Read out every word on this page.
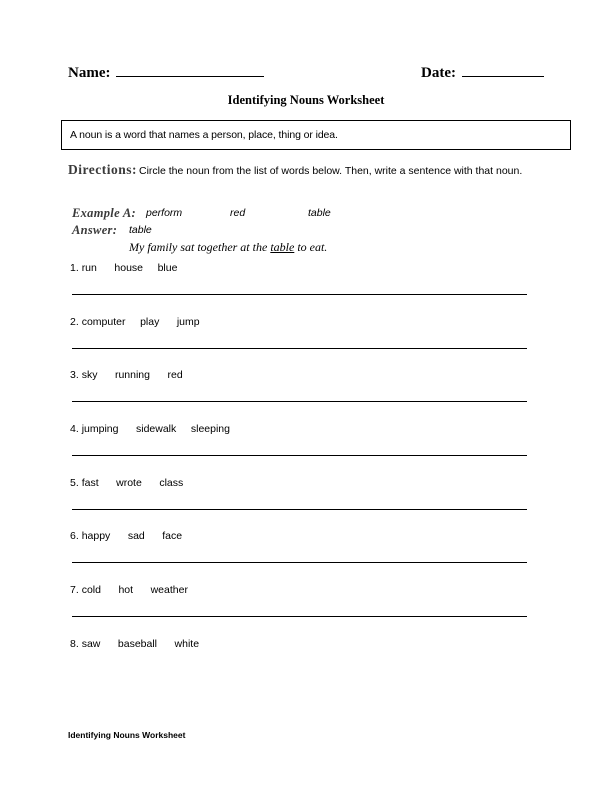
Name:	Date:
Identifying Nouns Worksheet
A noun is a word that names a person, place, thing or idea.
Directions: Circle the noun from the list of words below. Then, write a sentence with that noun.
Example A: perform	red	table
Answer: table
My family sat together at the table to eat.
1. run house blue
2. computer play jump
3. sky running red
4. jumping sidewalk sleeping
5. fast wrote class
6. happy sad face
7. cold hot weather
8. saw baseball white
Identifying Nouns Worksheet
